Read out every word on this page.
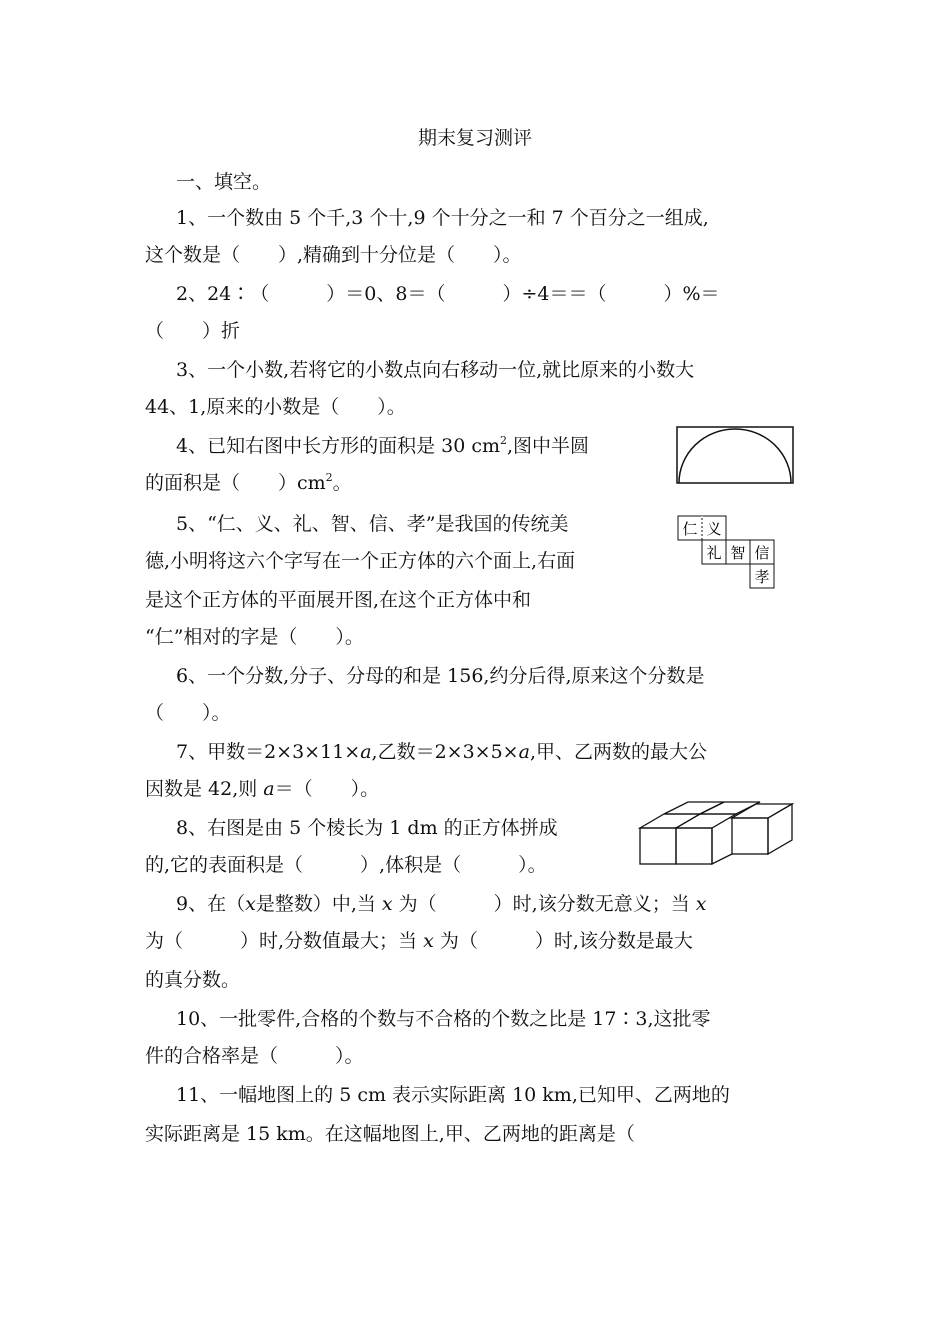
期末复习测评
一、填空。
1、一个数由 5 个千,3 个十,9 个十分之一和 7 个百分之一组成,
这个数是（　　）,精确到十分位是（　　）。
2、24∶（　　　）＝0、8＝（　　　）÷4＝＝（　　　）%＝
（　　）折
3、一个小数,若将它的小数点向右移动一位,就比原来的小数大
44、1,原来的小数是（　　）。
4、已知右图中长方形的面积是 30 $cm^2$,图中半圆
的面积是（　　）$cm^2$。
5、“仁、义、礼、智、信、孝”是我国的传统美
德,小明将这六个字写在一个正方体的六个面上,右面
是这个正方体的平面展开图,在这个正方体中和
“仁”相对的字是（　　）。
仁 义
礼 智 信
孝
6、一个分数,分子、分母的和是 156,约分后得,原来这个分数是
（　　）。
7、甲数＝2×3×11×a,乙数＝2×3×5×a,甲、乙两数的最大公
因数是 42,则 a＝（　　）。
8、右图是由 5 个棱长为 1 dm 的正方体拼成
的,它的表面积是（　　　）,体积是（　　　）。
9、在（x是整数）中,当 x 为（　　　）时,该分数无意义；当 x
为（　　　）时,分数值最大；当 x 为（　　　）时,该分数是最大
的真分数。
10、一批零件,合格的个数与不合格的个数之比是 17∶3,这批零
件的合格率是（　　　）。
11、一幅地图上的 5 cm 表示实际距离 10 km,已知甲、乙两地的
实际距离是 15 km。在这幅地图上,甲、乙两地的距离是（
